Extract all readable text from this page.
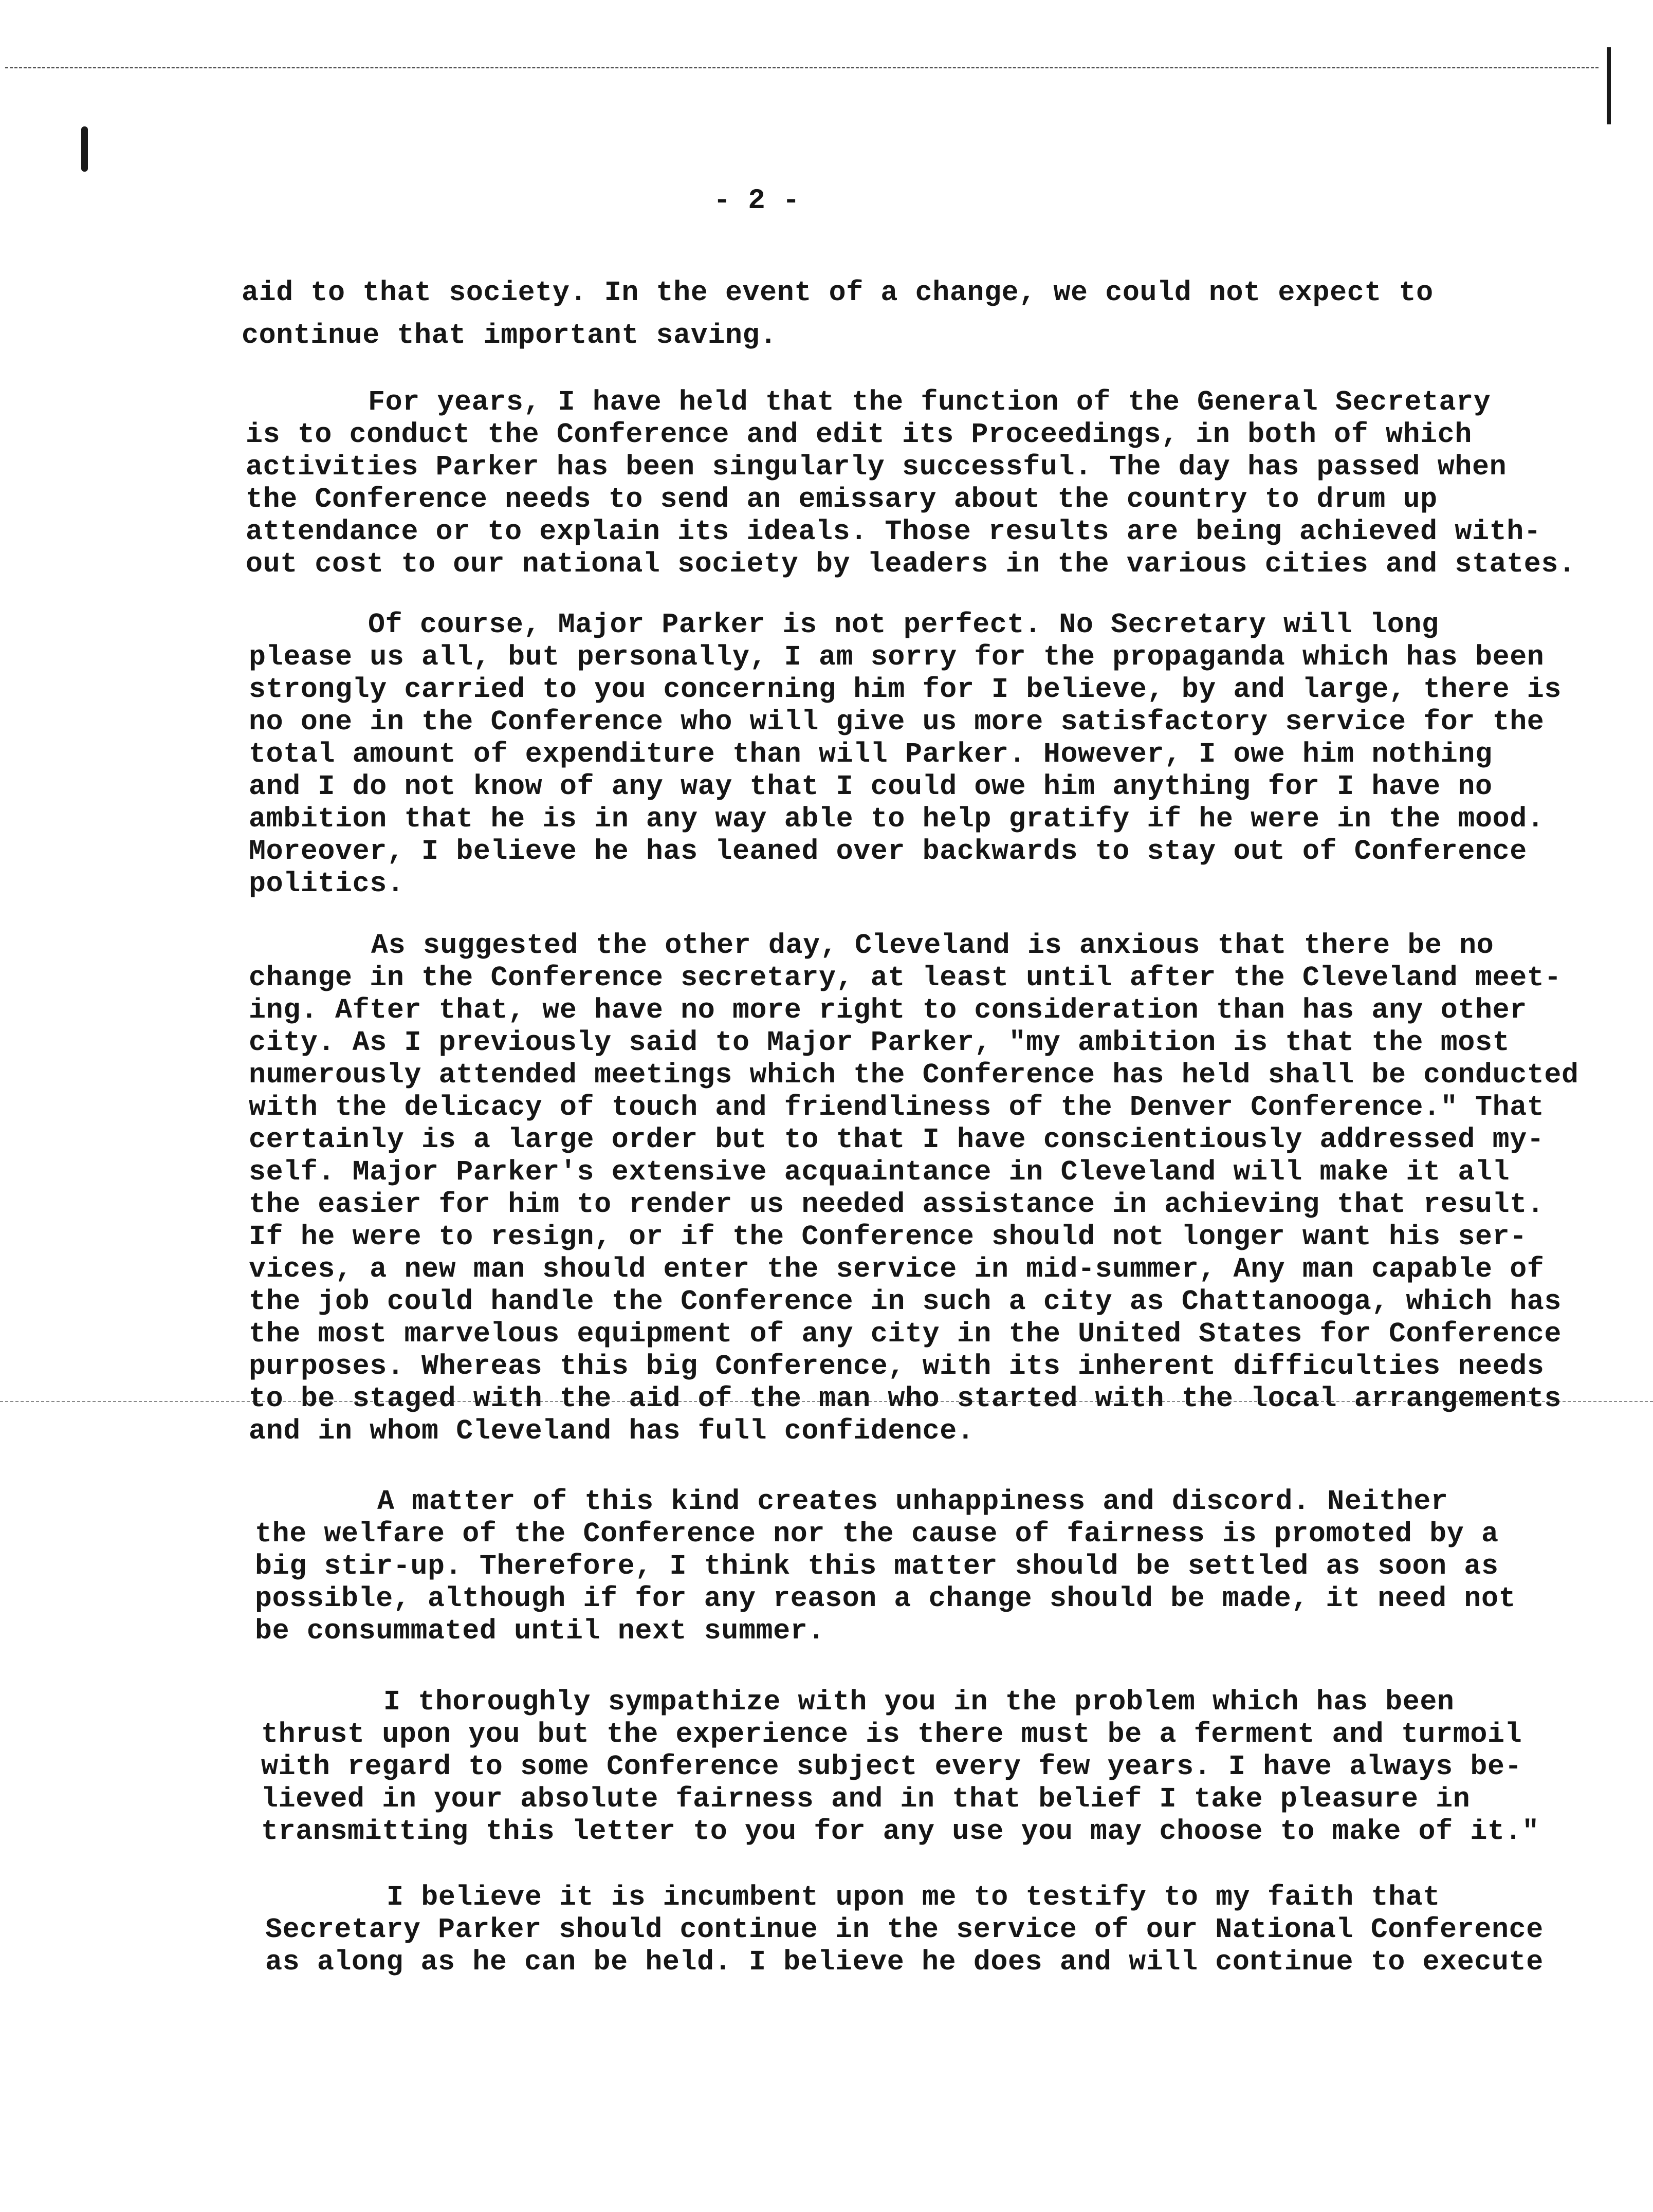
- 2 -
aid to that society. In the event of a change, we could not expect to
continue that important saving.
For years, I have held that the function of the General Secretary
is to conduct the Conference and edit its Proceedings, in both of which
activities Parker has been singularly successful. The day has passed when
the Conference needs to send an emissary about the country to drum up
attendance or to explain its ideals. Those results are being achieved with-
out cost to our national society by leaders in the various cities and states.
Of course, Major Parker is not perfect. No Secretary will long
please us all, but personally, I am sorry for the propaganda which has been
strongly carried to you concerning him for I believe, by and large, there is
no one in the Conference who will give us more satisfactory service for the
total amount of expenditure than will Parker. However, I owe him nothing
and I do not know of any way that I could owe him anything for I have no
ambition that he is in any way able to help gratify if he were in the mood.
Moreover, I believe he has leaned over backwards to stay out of Conference
politics.
As suggested the other day, Cleveland is anxious that there be no
change in the Conference secretary, at least until after the Cleveland meet-
ing. After that, we have no more right to consideration than has any other
city. As I previously said to Major Parker, "my ambition is that the most
numerously attended meetings which the Conference has held shall be conducted
with the delicacy of touch and friendliness of the Denver Conference." That
certainly is a large order but to that I have conscientiously addressed my-
self. Major Parker's extensive acquaintance in Cleveland will make it all
the easier for him to render us needed assistance in achieving that result.
If he were to resign, or if the Conference should not longer want his ser-
vices, a new man should enter the service in mid-summer, Any man capable of
the job could handle the Conference in such a city as Chattanooga, which has
the most marvelous equipment of any city in the United States for Conference
purposes. Whereas this big Conference, with its inherent difficulties needs
to be staged with the aid of the man who started with the local arrangements
and in whom Cleveland has full confidence.
A matter of this kind creates unhappiness and discord. Neither
the welfare of the Conference nor the cause of fairness is promoted by a
big stir-up. Therefore, I think this matter should be settled as soon as
possible, although if for any reason a change should be made, it need not
be consummated until next summer.
I thoroughly sympathize with you in the problem which has been
thrust upon you but the experience is there must be a ferment and turmoil
with regard to some Conference subject every few years. I have always be-
lieved in your absolute fairness and in that belief I take pleasure in
transmitting this letter to you for any use you may choose to make of it."
I believe it is incumbent upon me to testify to my faith that
Secretary Parker should continue in the service of our National Conference
as along as he can be held. I believe he does and will continue to execute
